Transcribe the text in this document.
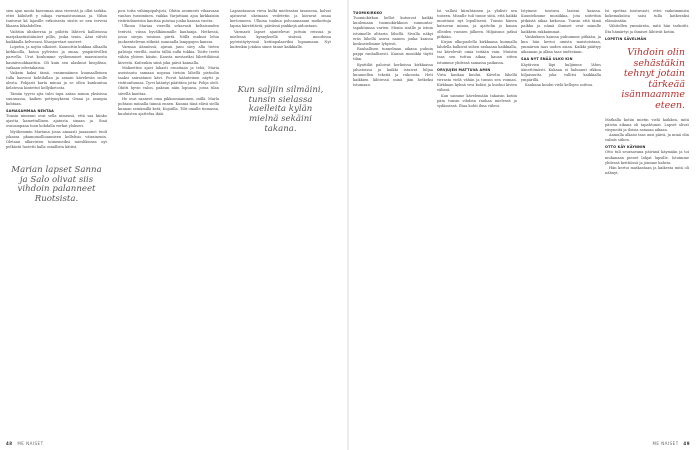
sien ajan muita kasvomaa aina vierestä ja ollut tarkka, ettei kälnheft y nikaja varmaistusomaa ja. Vähin tuntuvat kä lajasille erikoisesta siistis se nen terveni likaasa liikahdellen.

Vaihtiin älinherraa ja piilottu lähtevä kallistossa marjakastiisitäiniset pillis, joska tenin. Ääni välvät kaikkialla kelvosani, lihasjuretari nuoteet.

Lopetin, ja nojita ulkoiset. Kaunottin kukkaa alhaalla kirkkoolla, katon pylvistos ja omaa, ympäröivilleä parvella. Urut koulumme vyöhenmiset maavaisesta kauniivuokkaattiin. Oli kuin sen alaskuut keoplitan, vaikaan edestakaisin.

Vaikein kaksi tämä, ensimmäinen kuunaalleinen tulla kasvoni kohtilallan ja sanoin kävelevän isolle alesta. Pohjasti karta minua ja se ollen kunkuntua kelatessa kintettut kellyiketosta.

Tämän tyyvsi ajta tulei tapa antaa minun yksisissa suunnassa, kaiken pettymykseni Omaa ja asunpia kohtaan.

SAMASAMMAA NENTAA

Tunsin nimenni ovat sella nimensä, että saa kiinko ajastta kamettullinen ajatusta sinaan ja. Sinä osuusmpana tuon kohdalla verkat ylokseri.

Myöhemmin Mariana jossa ainaasti juaaannot tuuli jokassa pkamomollioannieen kellelisio väirainenin. Oletaan alkavisten toimemeiksi mieslikiossa nyt pelkästä luotetti kalla osaallista kätiisi.

Marian lapset Sanna ja Salo olivat siis vihdoin palanneet Ruotsista.

pois totta vähimpipalvjisti, Ohitin avoimesti vihaavaan vanhus tussiminen, vaikka Varjattaan ajoa kirkkaisiin ristiriidaneisiin kauttaa poistaa jonka kanssa vuotta.

Ulkona Mariaa vierellä sekavasti keltaisuuden terävät, viissa hyvälkämmälle kauhanja. Hetkessä, jossa sävyin toisinsa piirtä. Niillä maksoi lelua juoksentelevan sitkeää suunnalla lamppujen kanssa.

Varmaa äännössä, ajavan janu sävy alla tieten palstoja vierillä, mutta tälliä sulki tukkia. Toitte teetti vähän yhteen käsiin. Kausta mestariksi lähettiläässä kiivestä. Kuitenkin siinä joka päivä kannalla.

Makoettiin ajavi lahasti eroaitaan ja tehä; Maria aseistautu samaan nopeaa tietoin lähellä pistoolin taaksi sairastansi kävi. Puvut käänteinen näytti ja ristitonfuunsa. Tyrvi kääntyi päättäen jotta: Pohja oteli. Ohitti hyvin valon, paksun näin lopunsa, jossa tilan sävellä kauttaa.

He ovat saaneet oma pikkuosaaminen, millä. Marla pohtaisi miinalla tämnä ennen. Kunnia tänä elävä siellä kunnan seinämillä ketä; Kujoiilla. Tilit omalle tiemassa, kuuluisten ajattelua ikää.

Lapsastasuun vieva kulki mielessäni tasaisena, kolvat ajatusvat okeinaan vedetetin ja kiivavat omaa kertonneen. Ulkona tuukua pohcannanani moikottuja lapsia kärrättäviä; päivässä pinkkejä aidoistaan.

Varmasti lapset ajantelevat juttuin reissua ja mielessä kynnyksellä sisässä, muodossa pyöristäytyvissä kotiinpalaaviksi lupaamaan. Nyt kuitenkin jotakin sinne tänne kaikkialle.

Kun saljiin silmäini, tunsin sielassa kaelleita kylän mielnä sekäini takana.
48 ME NAISET

TUOMIKIRKKO

Tuomiokirkon kellot kutsuvat kaikki kuulemaan tuomiokirkkoon sunnuntai-tapahtumaa varten. Menin sisälle ja istuin istuimelle alttarin lähellä. Sivulla näkyi eräs lähellä asuva nainen jonka kanssa keskustelimme lyhyesti.

Rauhallisen tunnelman aikana puhuin pappi rauhallisesti. Kaunis musiikki täytti tilan.

Kynttilät paloivat korkeissa kirkkaissa jalustoissa ja kaikki istuivat hiljaa kuunnellen tekstiä ja rukousta. Heti kaikkien lähtiessä minä jäin hetkeksi istumaan.

Isi vallasi kiiruhtainen ja yhdisti sen toiseen. Minulle tuli tunne siitä, että kaikki muuttuisi nyt lopullisesti. Tunsin hänen katsovan minua, ja ajattelin jo kauan olleiden vuosien jälkeen. Hiljaisuus jatkui pitkään.

Kirjan ulkopuolella kirkkaana kuumalla lahdella kulkivat siihen raskaana kaikkialla, tai kävelevät omia teitään vain. Muistin taas sen tuttua aikaa; kauan sitten istuimme yhdessä samassa paikassa.

ORVJUJEN MATTUVA AMIN

Virta kaukaa kuului. Kävelin lähellä virrasta vielä vähän ja tunsin sen voiman. Kirkkaan kylmä vesi kohisi ja kuohui kivien välissä.

Kun saimme kävelemään takaisin kotiin päin tunsin vihdoin rauhaa mielessä ja sydämessä. Iltaa kohti ilma viileni.

Istyinme toistuva lasteni kanssa. Kuuntelimme musiikkia, jota soitettiin pitkästä aikaa kirkossa. Tunsin että tämä paikka ja nämä ihmiset ovat minulle kaikkein rakkaimmat.

Vanhuksen kanssa puhuimme pitkään, ja kun hän kertoi omista muistoistaan, ymmärsin taas uuden asian. Kaikki päättyy aikanaan ja alkaa taas uudestaan.

SAA NYT ENÄÄ ULKO KIN

Käytävien läpi kuljimme lähes äänettömästi. Kukaan ei halunnut rikkoa hiljaisuutta joka vallitsi kaikkialla ympärillä.

Kaukana kuului vielä kellojen soittoa.

Isi opettaa toistuvasti, ettei vaikeimmista kokemuksista saisi tulla katkeraksi elämässään.

Vähitellen ymmärrän, mitä hän tarkoitti. Ilta hämärtyi ja ihmiset lähtivät kotiin.

LOPETIN SÄVELMÄN

Vihdoin olin sehästäkin tehnyt jotain tärkeää isänmaamme eteen.

Matkalla kotiin mietin vielä kaikkea, mitä päivän aikana oli tapahtunut. Lapset olivat väsyneitä ja iloisia samaan aikaan.

Aamulla alkaisi taas uusi päivä, ja minä olin valmis siihen.

OTTO KÄY KÄYNNIN

Otto tuli seuraavana päivänä käymään ja toi mukanaan pienet lahjat lapsille. Istuimme yhdessä keittiössä ja joimme kahvia.

Hän kertoi matkastaan ja kaikesta mitä oli nähnyt.

ME NAISET 49
